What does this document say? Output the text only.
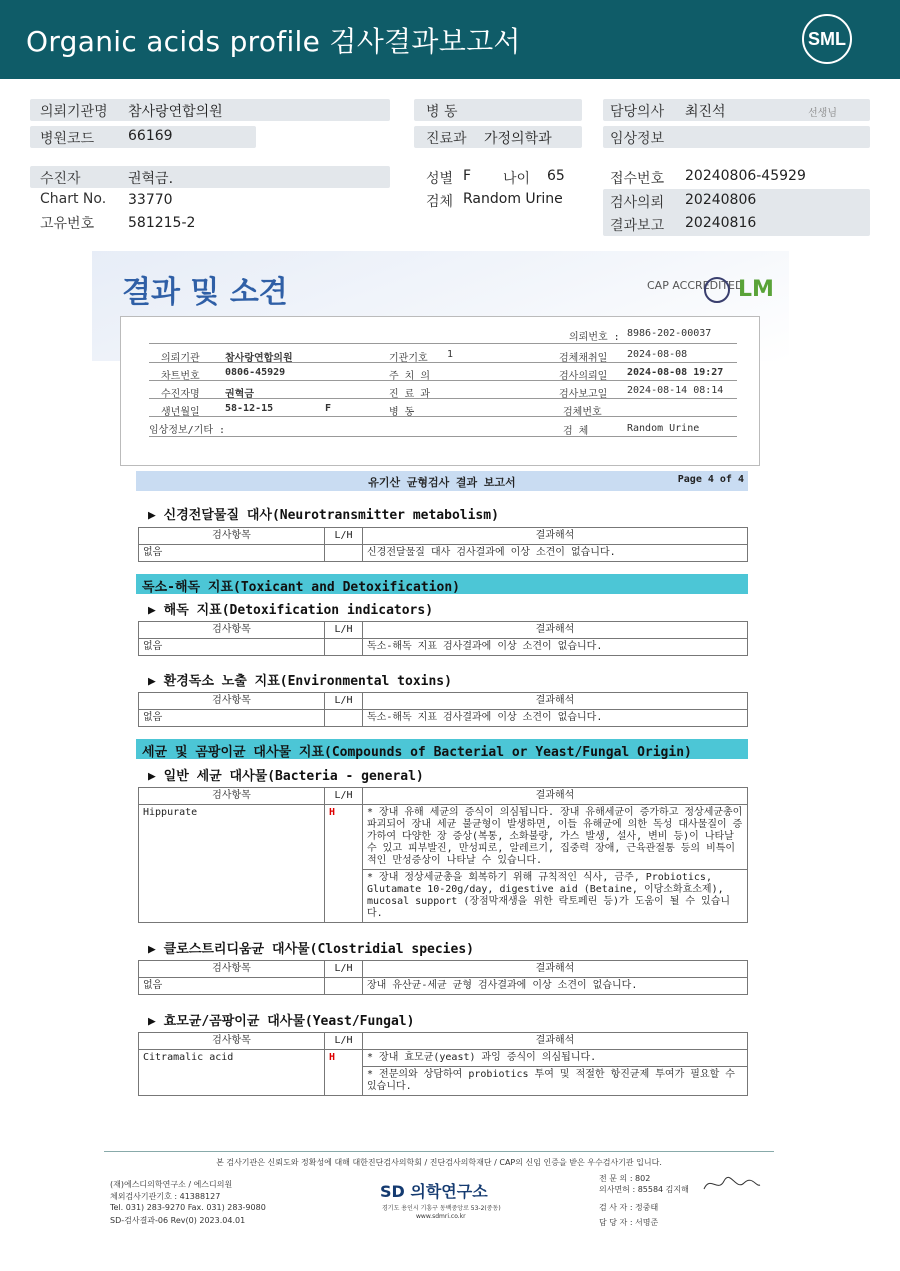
Organic acids profile 검사결과보고서	SML
의뢰기관명 참사랑연합의원
병원코드 66169
수진자	권혁금.
Chart No. 33770
고유번호 581215-2
병 동
진료과 가정의학과
성별 F 나이 65
검체 Random Urine
담당의사 최진석	선생님
임상정보
접수번호 20240806-45929
검사의뢰 20240806
결과보고 20240816
결과 및 소견	CAP ACCREDITED
LM
의뢰번호 : 8986-202-00037
의뢰기관	참사랑연합의원	기관기호 1	검체채취일 2024-08-08
차트번호	0806-45929	주 치 의	검사의뢰일 2024-08-08 19:27
수진자명	권혁금	진 료 과	검사보고일 2024-08-14 08:14
생년월일	58-12-15	F	병 동	검체번호
임상정보/기타 :	검 체	Random Urine
유기산 균형검사 결과 보고서	Page 4 of 4
▶ 신경전달물질 대사(Neurotransmitter metabolism)
검사항목	L/H	결과해석
없음		신경전달물질 대사 검사결과에 이상 소견이 없습니다.
독소-해독 지표(Toxicant and Detoxification)
▶ 해독 지표(Detoxification indicators)
검사항목	L/H	결과해석
없음		독소-해독 지표 검사결과에 이상 소견이 없습니다.
▶ 환경독소 노출 지표(Environmental toxins)
검사항목	L/H	결과해석
없음		독소-해독 지표 검사결과에 이상 소견이 없습니다.
세균 및 곰팡이균 대사물 지표(Compounds of Bacterial or Yeast/Fungal Origin)
▶ 일반 세균 대사물(Bacteria - general)
검사항목	L/H	결과해석
Hippurate	H	* 장내 유해 세균의 증식이 의심됩니다. 장내 유해세균이 증가하고 정상세균총이 파괴되어 장내 세균 불균형이 발생하면, 이들 유해균에 의한 독성 대사물질이 증가하여 다양한 장 증상(복통, 소화불량, 가스 발생, 설사, 변비 등)이 나타날 수 있고 피부발진, 만성피로, 알레르기, 집중력 장애, 근육관절통 등의 비특이적인 만성증상이 나타날 수 있습니다.
		* 장내 정상세균총을 회복하기 위해 규칙적인 식사, 금주, Probiotics, Glutamate 10-20g/day, digestive aid (Betaine, 이당소화효소제), mucosal support (장점막재생을 위한 락토페린 등)가 도움이 될 수 있습니다.
▶ 클로스트리디움균 대사물(Clostridial species)
검사항목	L/H	결과해석
없음		장내 유산균-세균 균형 검사결과에 이상 소견이 없습니다.
▶ 효모균/곰팡이균 대사물(Yeast/Fungal)
검사항목	L/H	결과해석
Citramalic acid	H	* 장내 효모균(yeast) 과잉 증식이 의심됩니다.
		* 전문의와 상담하여 probiotics 투여 및 적절한 항진균제 투여가 필요할 수 있습니다.
본 검사기관은 신뢰도와 정확성에 대해 대한진단검사의학회 / 진단검사의학재단 / CAP의 신임 인증을 받은 우수검사기관 입니다.
(재)에스디의학연구소 / 에스디의원
체외검사기관기호 : 41388127
Tel. 031) 283-9270 Fax. 031) 283-9080
SD-검사결과-06 Rev(0) 2023.04.01
SD 의학연구소
경기도 용인시 기흥구 동백중앙로 53-2(중동)
www.sdmri.co.kr
전 문 의 : 802
의사면허 : 85584 김지해
검 사 자 : 정중태
담 당 자 : 서명준
